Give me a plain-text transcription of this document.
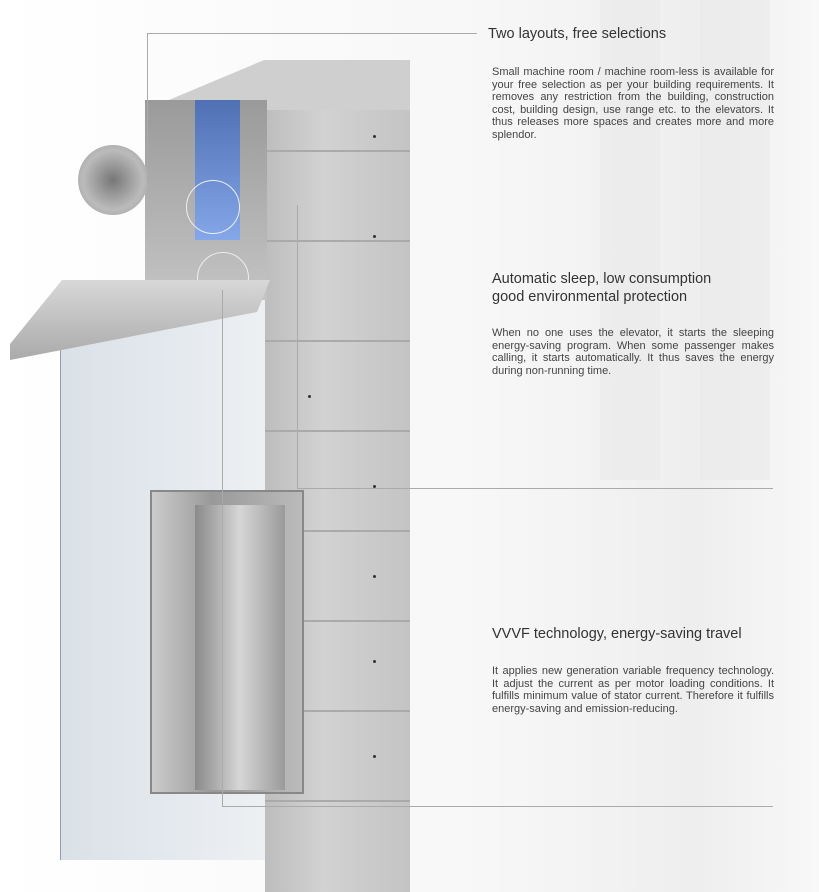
Two layouts, free selections

Small machine room / machine room-less is available for your free selection as per your building requirements. It removes any restriction from the building, construction cost, building design, use range etc. to the elevators. It thus releases more spaces and creates more and more splendor.

Automatic sleep, low consumption

good environmental protection

When no one uses the elevator, it starts the sleeping energy-saving program. When some passenger makes calling, it starts automatically. It thus saves the energy during non-running time.

VVVF technology, energy-saving travel

It applies new generation variable frequency technology. It adjust the current as per motor loading conditions. It fulfills minimum value of stator current. Therefore it fulfills energy-saving and emission-reducing.
